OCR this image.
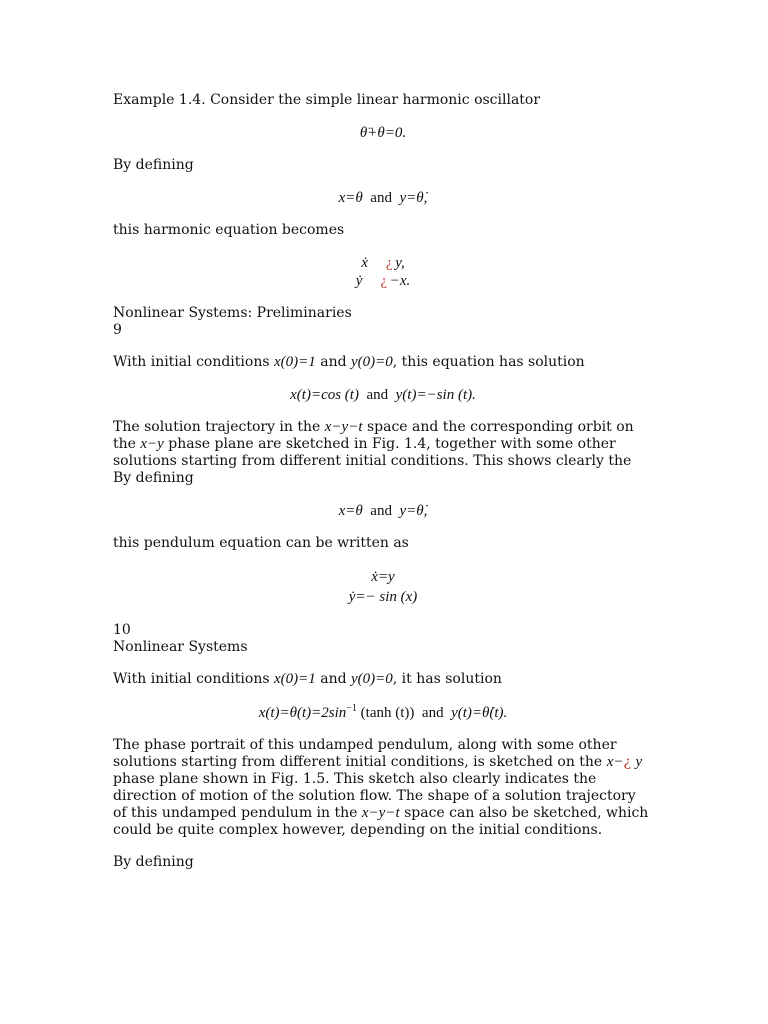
Example 1.4. Consider the simple linear harmonic oscillator

θ̈+θ=0.

By defining

x=θ and y=θ̇,

this harmonic equation becomes

ẋ ¿ y,
ẏ ¿ −x.

Nonlinear Systems: Preliminaries

9

With initial conditions x(0)=1 and y(0)=0, this equation has solution

x(t)=cos (t) and y(t)=−sin (t).

The solution trajectory in the x−y−t space and the corresponding orbit on the x−y phase plane are sketched in Fig. 1.4, together with some other solutions starting from different initial conditions. This shows clearly the By defining

x=θ and y=θ̇,

this pendulum equation can be written as

ẋ=y
ẏ=− sin (x)

10

Nonlinear Systems

With initial conditions x(0)=1 and y(0)=0, it has solution

$x(t)=\theta(t)=2\sin^{-1}$ (tanh (t)) and y(t)=θ̇(t).

The phase portrait of this undamped pendulum, along with some other solutions starting from different initial conditions, is sketched on the x−¿ y phase plane shown in Fig. 1.5. This sketch also clearly indicates the direction of motion of the solution flow. The shape of a solution trajectory of this undamped pendulum in the x−y−t space can also be sketched, which could be quite complex however, depending on the initial conditions.

By defining
